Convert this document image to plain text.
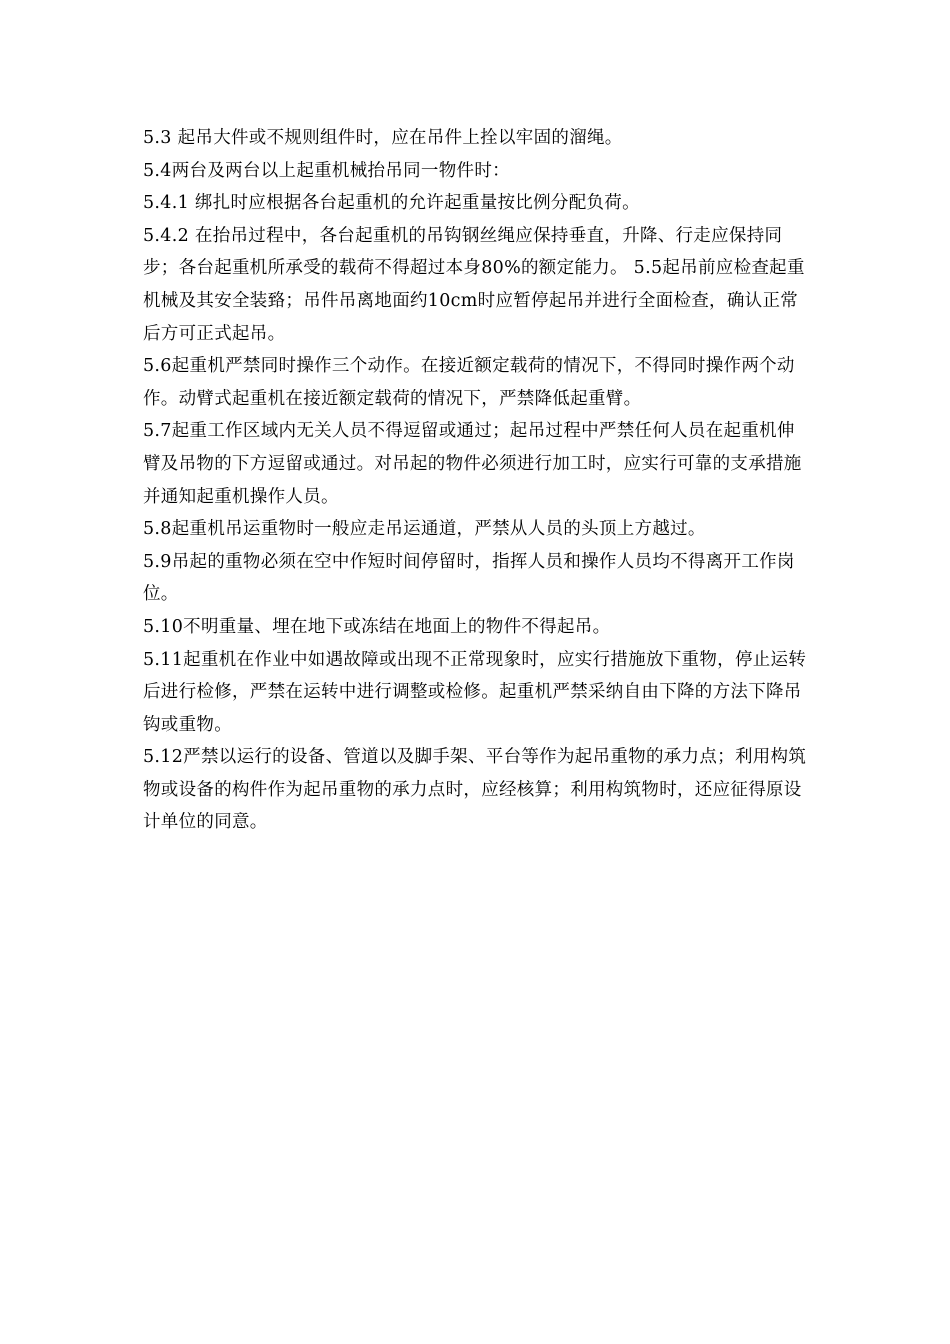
5.3 起吊大件或不规则组件时，应在吊件上拴以牢固的溜绳。

5.4两台及两台以上起重机械抬吊同一物件时：

5.4.1 绑扎时应根据各台起重机的允许起重量按比例分配负荷。

5.4.2 在抬吊过程中，各台起重机的吊钩钢丝绳应保持垂直，升降、行走应保持同步；各台起重机所承受的载荷不得超过本身80%的额定能力。 5.5起吊前应检查起重机械及其安全装臵；吊件吊离地面约10cm时应暂停起吊并进行全面检查，确认正常后方可正式起吊。

5.6起重机严禁同时操作三个动作。在接近额定载荷的情况下，不得同时操作两个动作。动臂式起重机在接近额定载荷的情况下，严禁降低起重臂。

5.7起重工作区域内无关人员不得逗留或通过；起吊过程中严禁任何人员在起重机伸臂及吊物的下方逗留或通过。对吊起的物件必须进行加工时，应实行可靠的支承措施并通知起重机操作人员。

5.8起重机吊运重物时一般应走吊运通道，严禁从人员的头顶上方越过。

5.9吊起的重物必须在空中作短时间停留时，指挥人员和操作人员均不得离开工作岗位。

5.10不明重量、埋在地下或冻结在地面上的物件不得起吊。

5.11起重机在作业中如遇故障或出现不正常现象时，应实行措施放下重物，停止运转后进行检修，严禁在运转中进行调整或检修。起重机严禁采纳自由下降的方法下降吊钩或重物。

5.12严禁以运行的设备、管道以及脚手架、平台等作为起吊重物的承力点；利用构筑物或设备的构件作为起吊重物的承力点时，应经核算；利用构筑物时，还应征得原设计单位的同意。
